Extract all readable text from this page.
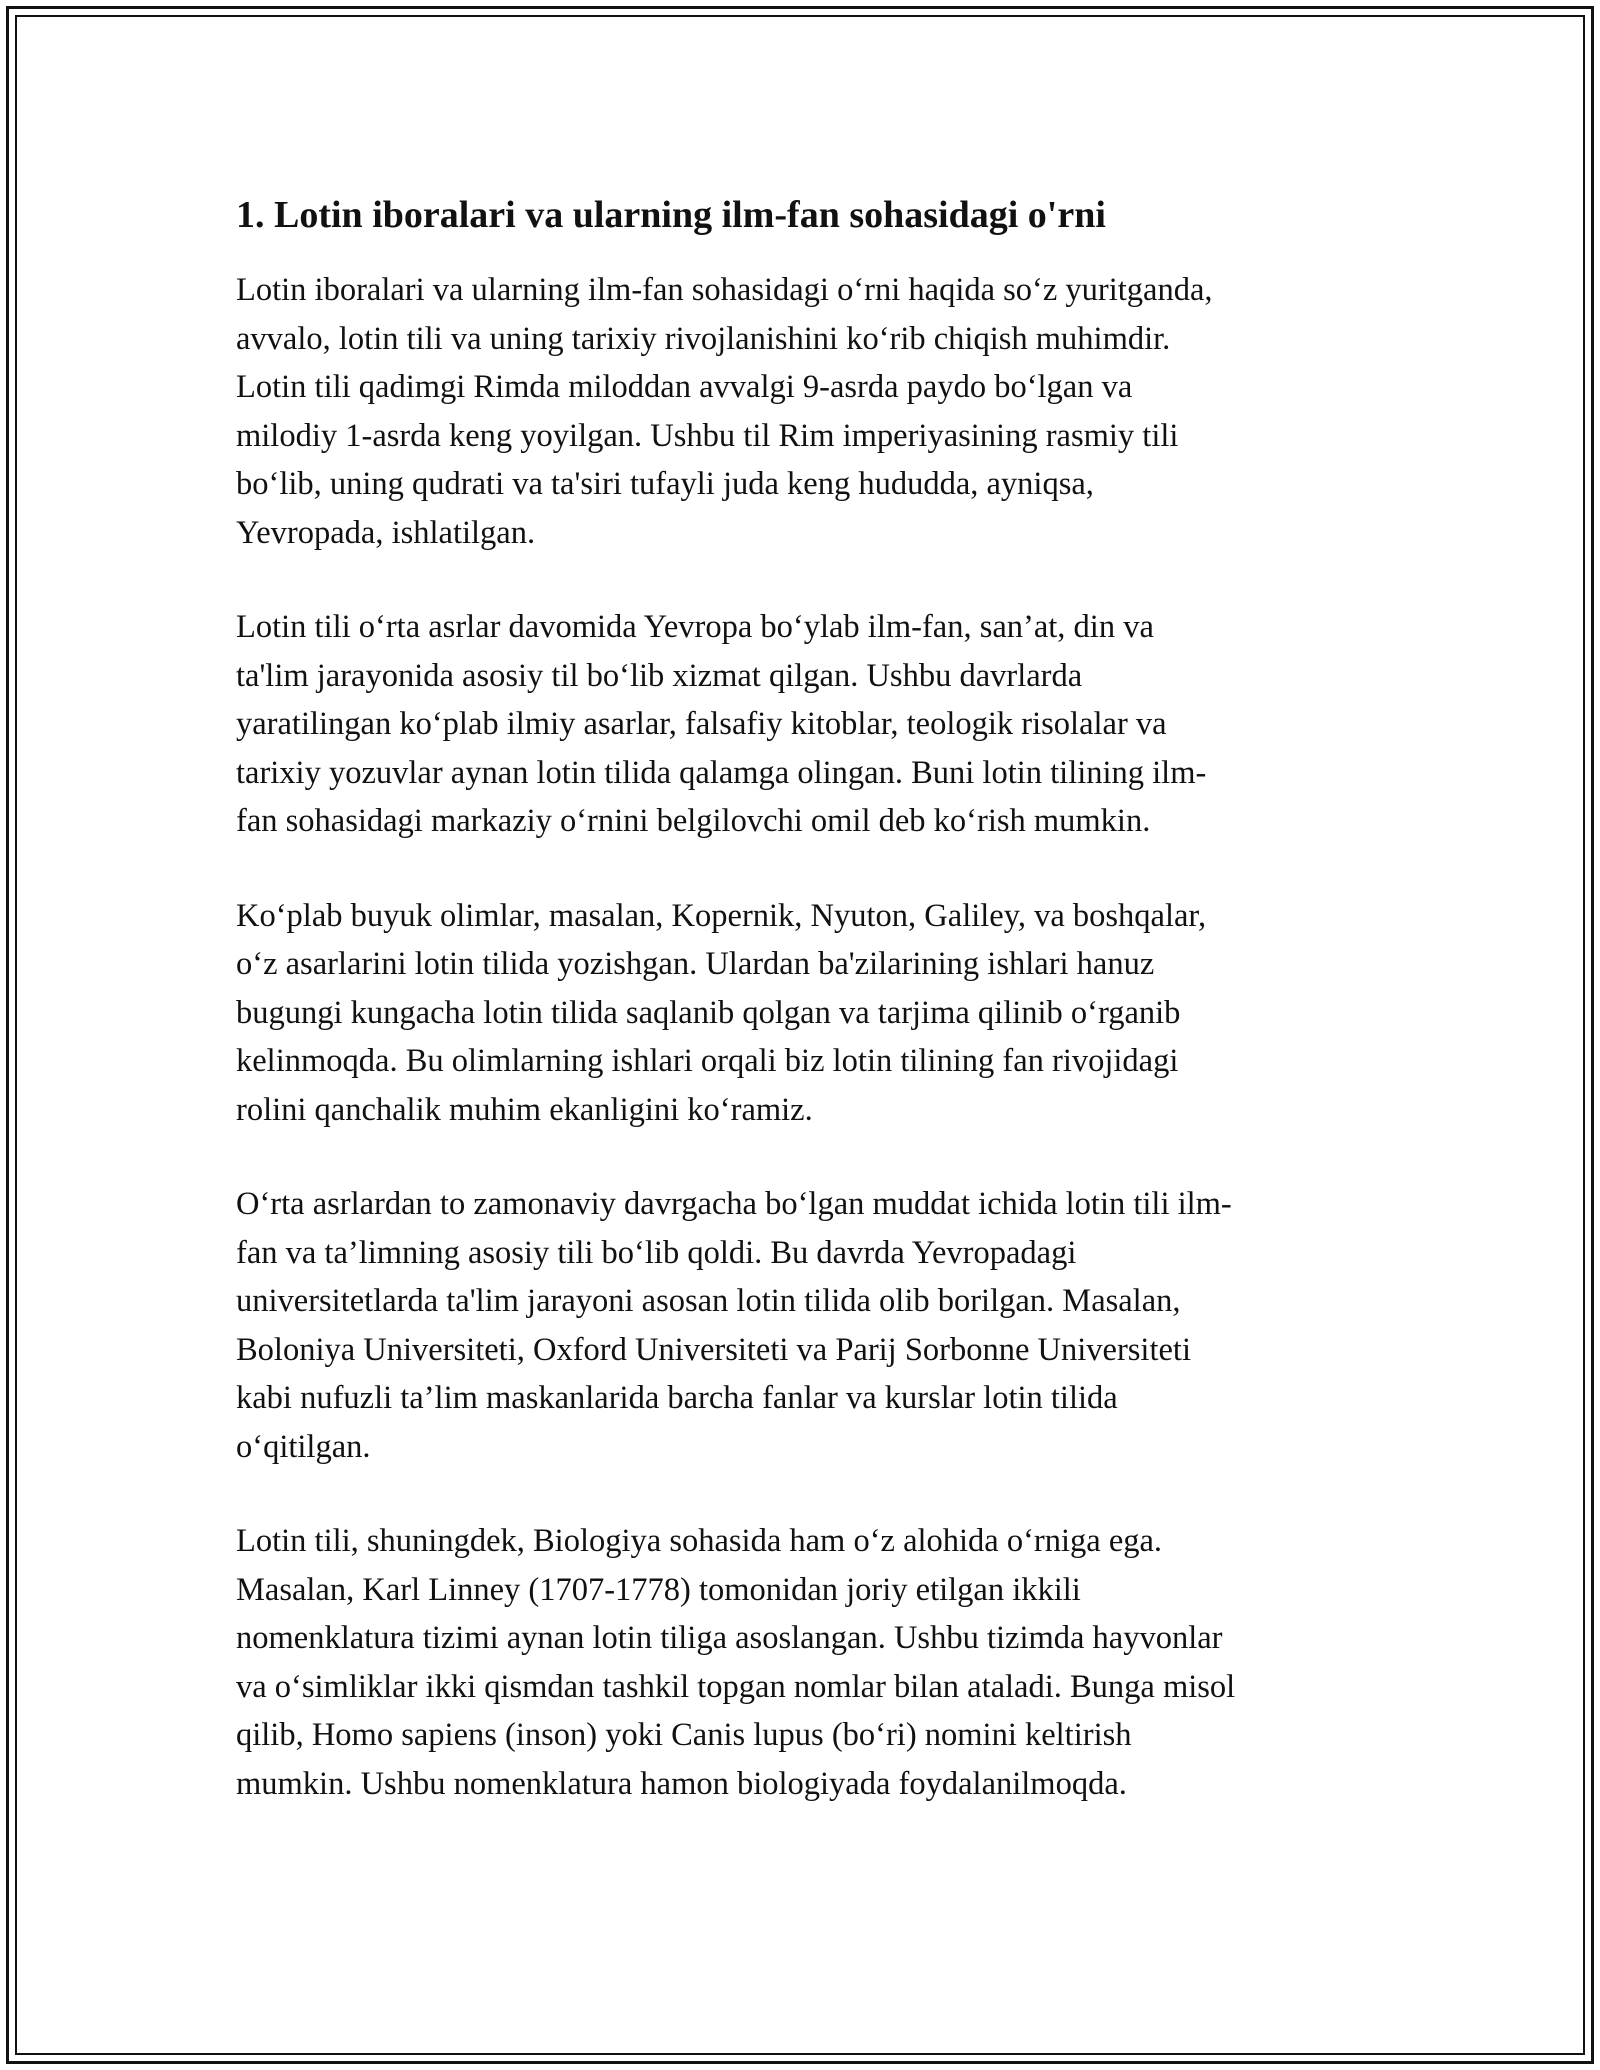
1. Lotin iboralari va ularning ilm-fan sohasidagi o'rni

Lotin iboralari va ularning ilm-fan sohasidagi o‘rni haqida so‘z yuritganda,
avvalo, lotin tili va uning tarixiy rivojlanishini ko‘rib chiqish muhimdir.
Lotin tili qadimgi Rimda miloddan avvalgi 9-asrda paydo bo‘lgan va
milodiy 1-asrda keng yoyilgan. Ushbu til Rim imperiyasining rasmiy tili
bo‘lib, uning qudrati va ta'siri tufayli juda keng hududda, ayniqsa,
Yevropada, ishlatilgan.

Lotin tili o‘rta asrlar davomida Yevropa bo‘ylab ilm-fan, san’at, din va
ta'lim jarayonida asosiy til bo‘lib xizmat qilgan. Ushbu davrlarda
yaratilingan ko‘plab ilmiy asarlar, falsafiy kitoblar, teologik risolalar va
tarixiy yozuvlar aynan lotin tilida qalamga olingan. Buni lotin tilining ilm-
fan sohasidagi markaziy o‘rnini belgilovchi omil deb ko‘rish mumkin.

Ko‘plab buyuk olimlar, masalan, Kopernik, Nyuton, Galiley, va boshqalar,
o‘z asarlarini lotin tilida yozishgan. Ulardan ba'zilarining ishlari hanuz
bugungi kungacha lotin tilida saqlanib qolgan va tarjima qilinib o‘rganib
kelinmoqda. Bu olimlarning ishlari orqali biz lotin tilining fan rivojidagi
rolini qanchalik muhim ekanligini ko‘ramiz.

O‘rta asrlardan to zamonaviy davrgacha bo‘lgan muddat ichida lotin tili ilm-
fan va ta’limning asosiy tili bo‘lib qoldi. Bu davrda Yevropadagi
universitetlarda ta'lim jarayoni asosan lotin tilida olib borilgan. Masalan,
Boloniya Universiteti, Oxford Universiteti va Parij Sorbonne Universiteti
kabi nufuzli ta’lim maskanlarida barcha fanlar va kurslar lotin tilida
o‘qitilgan.

Lotin tili, shuningdek, Biologiya sohasida ham o‘z alohida o‘rniga ega.
Masalan, Karl Linney (1707-1778) tomonidan joriy etilgan ikkili
nomenklatura tizimi aynan lotin tiliga asoslangan. Ushbu tizimda hayvonlar
va o‘simliklar ikki qismdan tashkil topgan nomlar bilan ataladi. Bunga misol
qilib, Homo sapiens (inson) yoki Canis lupus (bo‘ri) nomini keltirish
mumkin. Ushbu nomenklatura hamon biologiyada foydalanilmoqda.
